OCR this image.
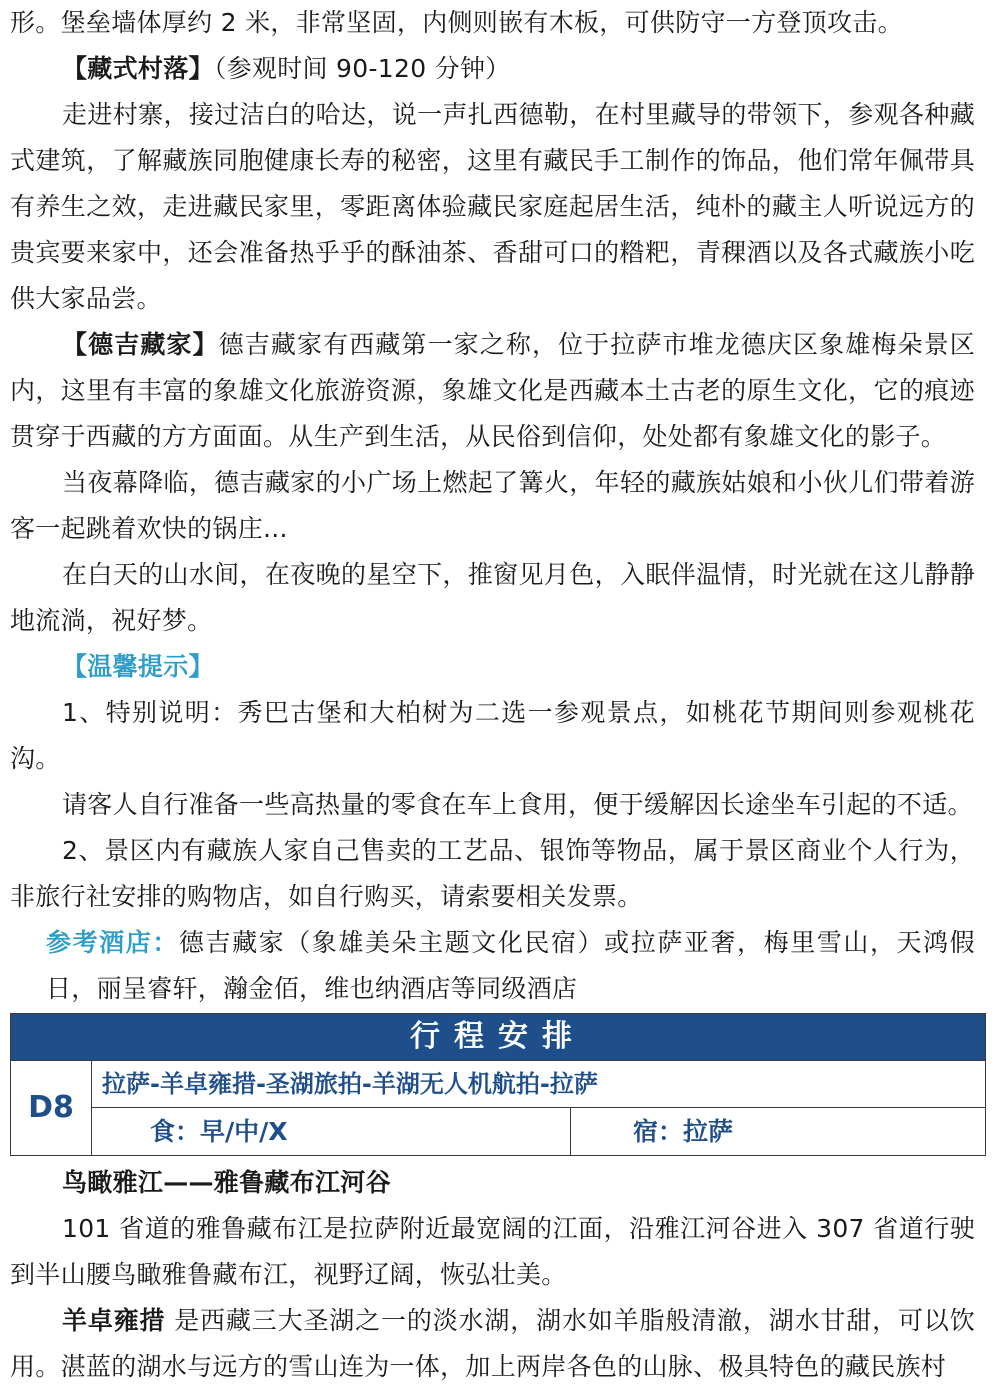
形。堡垒墙体厚约 2 米，非常坚固，内侧则嵌有木板，可供防守一方登顶攻击。

【藏式村落】（参观时间 90-120 分钟）

走进村寨，接过洁白的哈达，说一声扎西德勒，在村里藏导的带领下，参观各种藏式建筑，了解藏族同胞健康长寿的秘密，这里有藏民手工制作的饰品，他们常年佩带具有养生之效，走进藏民家里，零距离体验藏民家庭起居生活，纯朴的藏主人听说远方的贵宾要来家中，还会准备热乎乎的酥油茶、香甜可口的糌粑，青稞酒以及各式藏族小吃供大家品尝。

【德吉藏家】德吉藏家有西藏第一家之称，位于拉萨市堆龙德庆区象雄梅朵景区内，这里有丰富的象雄文化旅游资源，象雄文化是西藏本土古老的原生文化，它的痕迹贯穿于西藏的方方面面。从生产到生活，从民俗到信仰，处处都有象雄文化的影子。

当夜幕降临，德吉藏家的小广场上燃起了篝火，年轻的藏族姑娘和小伙儿们带着游客一起跳着欢快的锅庄...

在白天的山水间，在夜晚的星空下，推窗见月色，入眠伴温情，时光就在这儿静静地流淌，祝好梦。

【温馨提示】

1、特别说明：秀巴古堡和大柏树为二选一参观景点，如桃花节期间则参观桃花沟。

请客人自行准备一些高热量的零食在车上食用，便于缓解因长途坐车引起的不适。

2、景区内有藏族人家自己售卖的工艺品、银饰等物品，属于景区商业个人行为，非旅行社安排的购物店，如自行购买，请索要相关发票。

参考酒店：德吉藏家（象雄美朵主题文化民宿）或拉萨亚奢，梅里雪山，天鸿假日，丽呈睿轩，瀚金佰，维也纳酒店等同级酒店

行程安排
D8
拉萨-羊卓雍措-圣湖旅拍-羊湖无人机航拍-拉萨
食：早/中/X	宿：拉萨

鸟瞰雅江——雅鲁藏布江河谷

101 省道的雅鲁藏布江是拉萨附近最宽阔的江面，沿雅江河谷进入 307 省道行驶到半山腰鸟瞰雅鲁藏布江，视野辽阔，恢弘壮美。

羊卓雍措 是西藏三大圣湖之一的淡水湖，湖水如羊脂般清澈，湖水甘甜，可以饮用。湛蓝的湖水与远方的雪山连为一体，加上两岸各色的山脉、极具特色的藏民族村
